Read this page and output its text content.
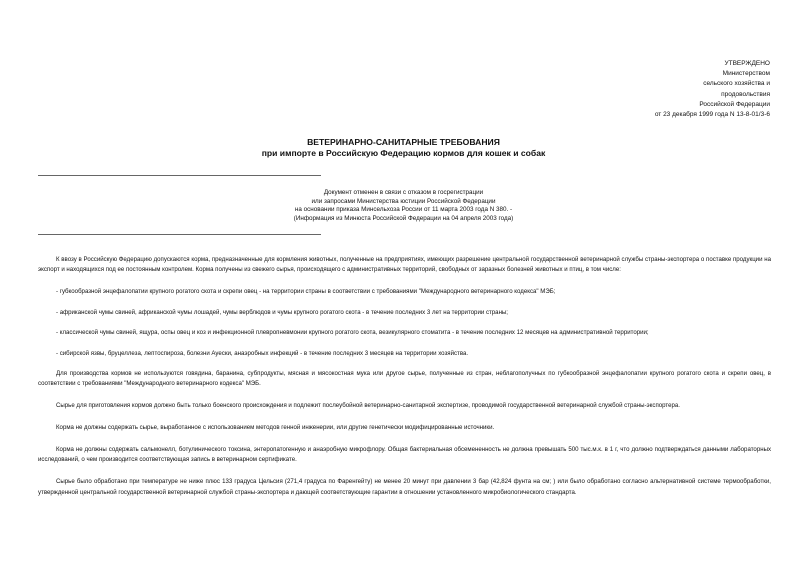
УТВЕРЖДЕНО
Министерством
сельского хозяйства и
продовольствия
Российской Федерации
от 23 декабря 1999 года N 13-8-01/3-6
ВЕТЕРИНАРНО-САНИТАРНЫЕ ТРЕБОВАНИЯ
при импорте в Российскую Федерацию кормов для кошек и собак
Документ отменен в связи с отказом в госрегистрации
или запросами Министерства юстиции Российской Федерации
на основании приказа Минсельхоза России от 11 марта 2003 года N 380. -
(Информация из Минюста Российской Федерации на 04 апреля 2003 года)

К ввозу в Российскую Федерацию допускаются корма, предназначенные для кормления животных, полученные на предприятиях, имеющих разрешение центральной государственной ветеринарной службы страны-экспортера о поставке продукции на экспорт и находящихся под ее постоянным контролем. Корма получены из свежего сырья, происходящего с административных территорий, свободных от заразных болезней животных и птиц, в том числе:

- губкообразной энцефалопатии крупного рогатого скота и скрепи овец - на территории страны в соответствии с требованиями "Международного ветеринарного кодекса" МЭБ;
- африканской чумы свиней, африканской чумы лошадей, чумы верблюдов и чумы крупного рогатого скота - в течение последних 3 лет на территории страны;
- классической чумы свиней, ящура, оспы овец и коз и инфекционной плевропневмонии крупного рогатого скота, везикулярного стоматита - в течение последних 12 месяцев на административной территории;
- сибирской язвы, бруцеллеза, лептоспироза, болезни Ауески, анаэробных инфекций - в течение последних 3 месяцев на территории хозяйства.

Для производства кормов не используются говядина, баранина, субпродукты, мясная и мясокостная мука или другое сырье, полученные из стран, неблагополучных по губкообразной энцефалопатии крупного рогатого скота и скрепи овец, в соответствии с требованиями "Международного ветеринарного кодекса" МЭБ.

Сырье для приготовления кормов должно быть только боенского происхождения и подлежит послеубойной ветеринарно-санитарной экспертизе, проводимой государственной ветеринарной службой страны-экспортера.

Корма не должны содержать сырье, выработанное с использованием методов генной инженерии, или другие генетически модифицированные источники.

Корма не должны содержать сальмонелл, ботулинического токсина, энтеропатогенную и анаэробную микрофлору. Общая бактериальная обсемененность не должна превышать 500 тыс.м.к. в 1 г, что должно подтверждаться данными лабораторных исследований, о чем производится соответствующая запись в ветеринарном сертификате.

Сырье было обработано при температуре не ниже плюс 133 градуса Цельсия (271,4 градуса по Фаренгейту) не менее 20 минут при давлении 3 бар (42,824 фунта на см; ) или было обработано согласно альтернативной системе термообработки, утвержденной центральной государственной ветеринарной службой страны-экспортера и дающей соответствующие гарантии в отношении установленного микробиологического стандарта.
